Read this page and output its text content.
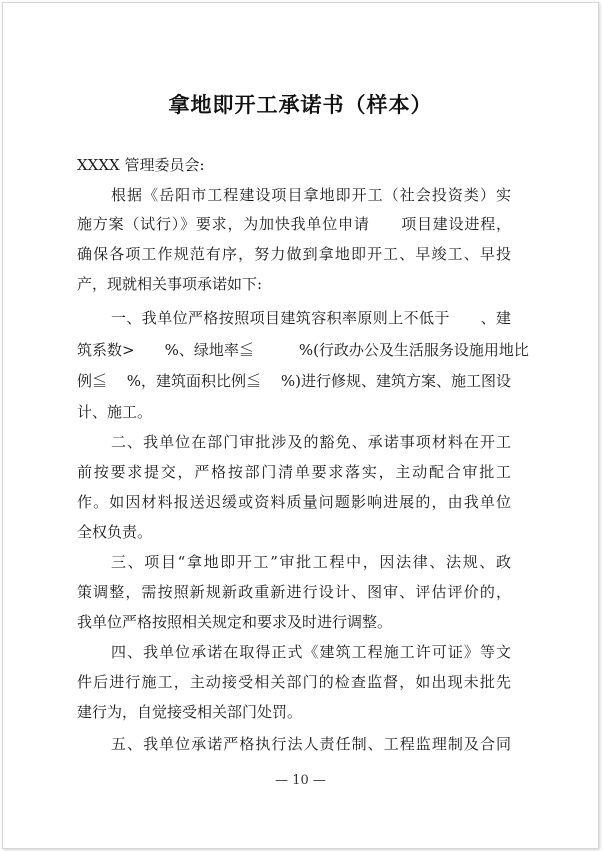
拿地即开工承诺书（样本）
XXXX 管理委员会:
根据《岳阳市工程建设项目拿地即开工（社会投资类）实
施方案（试行）》要求，为加快我单位申请　　项目建设进程，
确保各项工作规范有序，努力做到拿地即开工、早竣工、早投
产，现就相关事项承诺如下:
一、我单位严格按照项目建筑容积率原则上不低于　　、建
筑系数>　　%、绿地率≦　　　%(行政办公及生活服务设施用地比
例≦　 %，建筑面积比例≦　 %)进行修规、建筑方案、施工图设
计、施工。
二、我单位在部门审批涉及的豁免、承诺事项材料在开工
前按要求提交，严格按部门清单要求落实，主动配合审批工
作。如因材料报送迟缓或资料质量问题影响进展的，由我单位
全权负责。
三、项目“拿地即开工”审批工程中，因法律、法规、政
策调整，需按照新规新政重新进行设计、图审、评估评价的，
我单位严格按照相关规定和要求及时进行调整。
四、我单位承诺在取得正式《建筑工程施工许可证》等文
件后进行施工，主动接受相关部门的检查监督，如出现未批先
建行为，自觉接受相关部门处罚。
五、我单位承诺严格执行法人责任制、工程监理制及合同
— 10 —
